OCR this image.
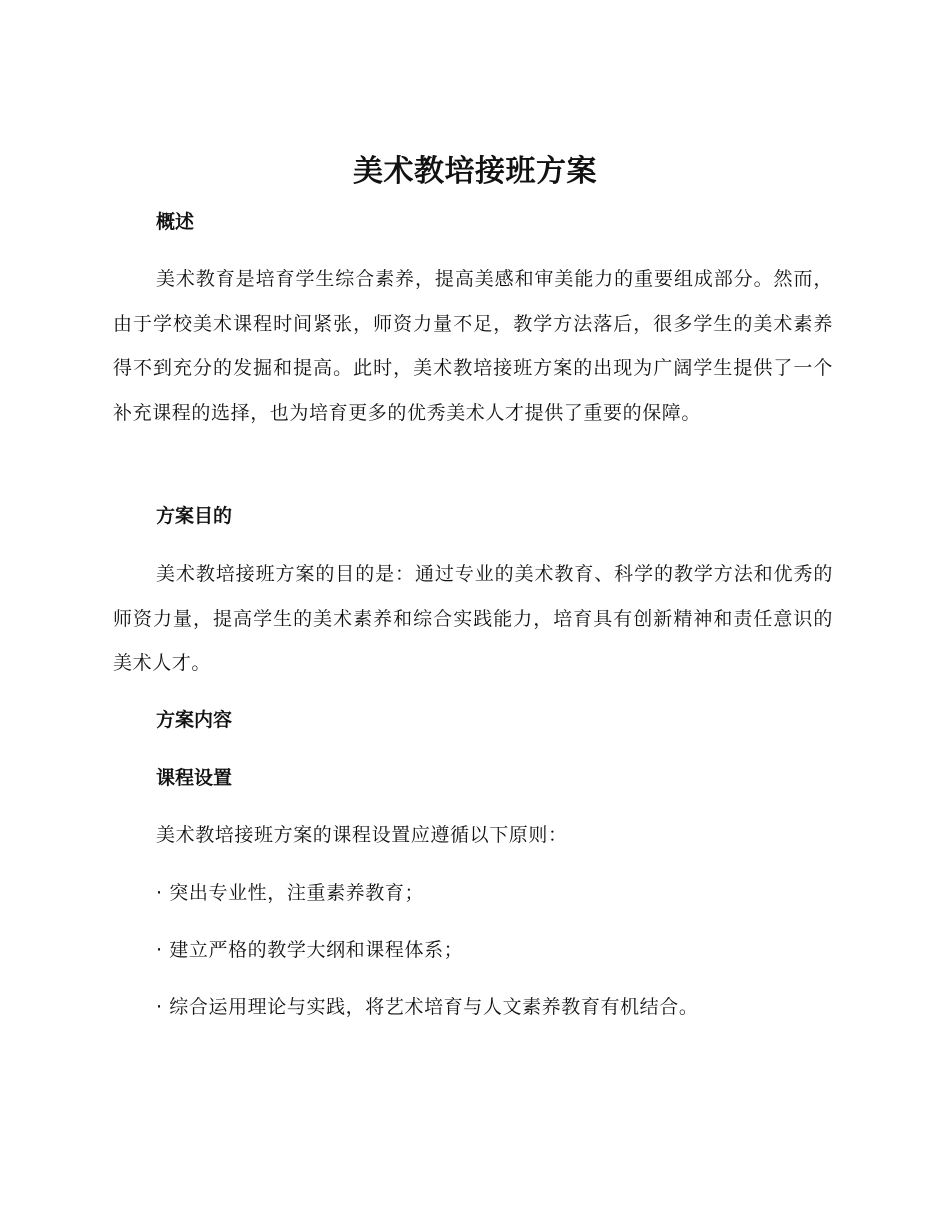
美术教培接班方案
概述

美术教育是培育学生综合素养，提高美感和审美能力的重要组成部分。然而，由于学校美术课程时间紧张，师资力量不足，教学方法落后，很多学生的美术素养得不到充分的发掘和提高。此时，美术教培接班方案的出现为广阔学生提供了一个补充课程的选择，也为培育更多的优秀美术人才提供了重要的保障。

方案目的

美术教培接班方案的目的是：通过专业的美术教育、科学的教学方法和优秀的师资力量，提高学生的美术素养和综合实践能力，培育具有创新精神和责任意识的美术人才。

方案内容
课程设置
美术教培接班方案的课程设置应遵循以下原则：
· 突出专业性，注重素养教育；
· 建立严格的教学大纲和课程体系；
· 综合运用理论与实践，将艺术培育与人文素养教育有机结合。
